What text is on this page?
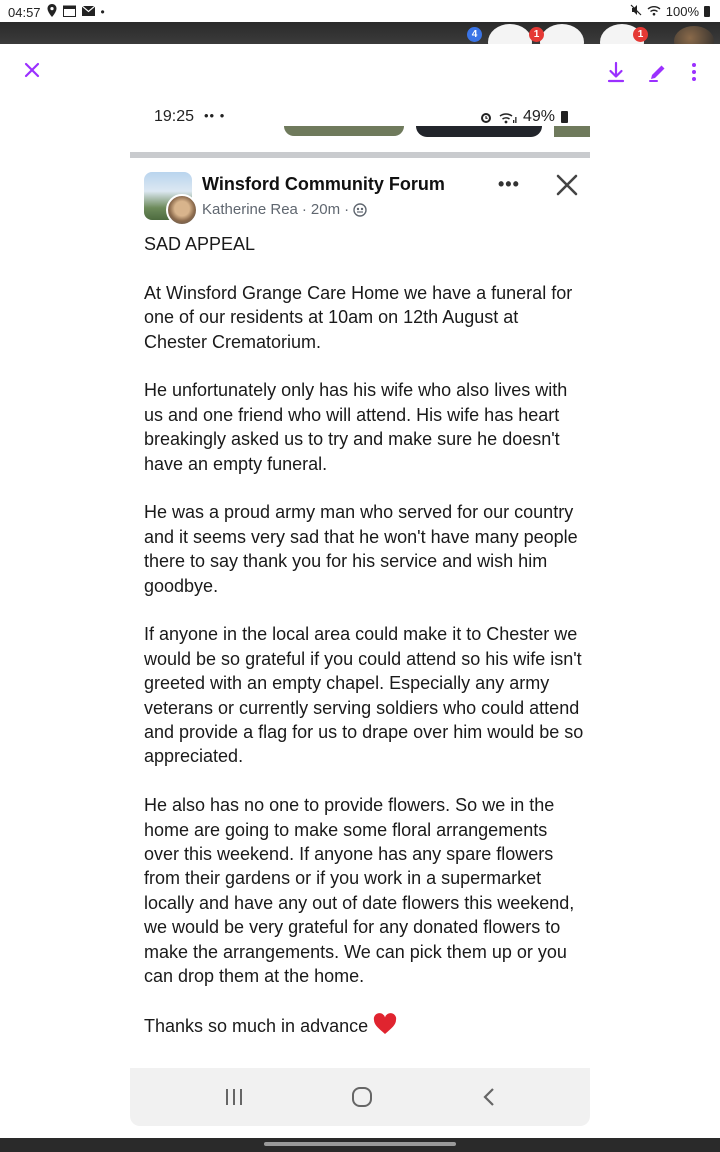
04:57	•	100%
4	1	1
19:25 •• •	49%
Winsford Community Forum
Katherine Rea · 20m ·
•••

SAD APPEAL

At Winsford Grange Care Home we have a funeral for one of our residents at 10am on 12th August at Chester Crematorium.

He unfortunately only has his wife who also lives with us and one friend who will attend. His wife has heart breakingly asked us to try and make sure he doesn't have an empty funeral.

He was a proud army man who served for our country and it seems very sad that he won't have many people there to say thank you for his service and wish him goodbye.

If anyone in the local area could make it to Chester we would be so grateful if you could attend so his wife isn't greeted with an empty chapel. Especially any army veterans or currently serving soldiers who could attend and provide a flag for us to drape over him would be so appreciated.

He also has no one to provide flowers. So we in the home are going to make some floral arrangements over this weekend. If anyone has any spare flowers from their gardens or if you work in a supermarket locally and have any out of date flowers this weekend, we would be very grateful for any donated flowers to make the arrangements. We can pick them up or you can drop them at the home.

Thanks so much in advance
